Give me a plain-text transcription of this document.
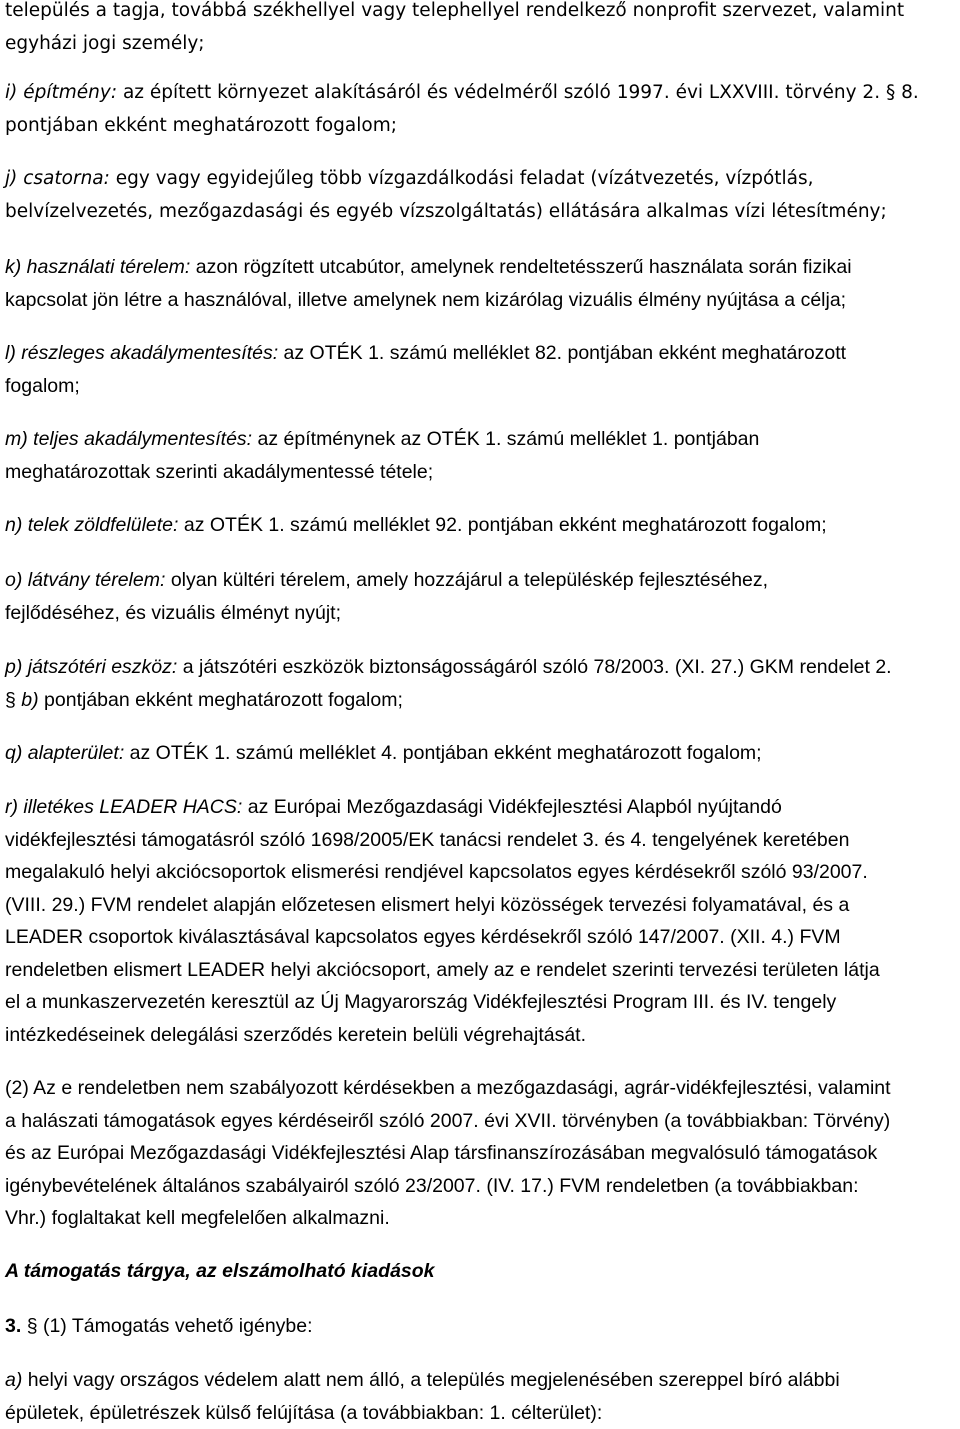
település a tagja, továbbá székhellyel vagy telephellyel rendelkező nonprofit szervezet, valamint
egyházi jogi személy;
i) építmény: az épített környezet alakításáról és védelméről szóló 1997. évi LXXVIII. törvény 2. § 8.
pontjában ekként meghatározott fogalom;
j) csatorna: egy vagy egyidejűleg több vízgazdálkodási feladat (vízátvezetés, vízpótlás,
belvízelvezetés, mezőgazdasági és egyéb vízszolgáltatás) ellátására alkalmas vízi létesítmény;
k) használati térelem: azon rögzített utcabútor, amelynek rendeltetésszerű használata során fizikai
kapcsolat jön létre a használóval, illetve amelynek nem kizárólag vizuális élmény nyújtása a célja;
l) részleges akadálymentesítés: az OTÉK 1. számú melléklet 82. pontjában ekként meghatározott
fogalom;
m) teljes akadálymentesítés: az építménynek az OTÉK 1. számú melléklet 1. pontjában
meghatározottak szerinti akadálymentessé tétele;
n) telek zöldfelülete: az OTÉK 1. számú melléklet 92. pontjában ekként meghatározott fogalom;
o) látvány térelem: olyan kültéri térelem, amely hozzájárul a településkép fejlesztéséhez,
fejlődéséhez, és vizuális élményt nyújt;
p) játszótéri eszköz: a játszótéri eszközök biztonságosságáról szóló 78/2003. (XI. 27.) GKM rendelet 2.
§ b) pontjában ekként meghatározott fogalom;
q) alapterület: az OTÉK 1. számú melléklet 4. pontjában ekként meghatározott fogalom;
r) illetékes LEADER HACS: az Európai Mezőgazdasági Vidékfejlesztési Alapból nyújtandó
vidékfejlesztési támogatásról szóló 1698/2005/EK tanácsi rendelet 3. és 4. tengelyének keretében
megalakuló helyi akciócsoportok elismerési rendjével kapcsolatos egyes kérdésekről szóló 93/2007.
(VIII. 29.) FVM rendelet alapján előzetesen elismert helyi közösségek tervezési folyamatával, és a
LEADER csoportok kiválasztásával kapcsolatos egyes kérdésekről szóló 147/2007. (XII. 4.) FVM
rendeletben elismert LEADER helyi akciócsoport, amely az e rendelet szerinti tervezési területen látja
el a munkaszervezetén keresztül az Új Magyarország Vidékfejlesztési Program III. és IV. tengely
intézkedéseinek delegálási szerződés keretein belüli végrehajtását.
(2) Az e rendeletben nem szabályozott kérdésekben a mezőgazdasági, agrár-vidékfejlesztési, valamint
a halászati támogatások egyes kérdéseiről szóló 2007. évi XVII. törvényben (a továbbiakban: Törvény)
és az Európai Mezőgazdasági Vidékfejlesztési Alap társfinanszírozásában megvalósuló támogatások
igénybevételének általános szabályairól szóló 23/2007. (IV. 17.) FVM rendeletben (a továbbiakban:
Vhr.) foglaltakat kell megfelelően alkalmazni.
A támogatás tárgya, az elszámolható kiadások
3. § (1) Támogatás vehető igénybe:
a) helyi vagy országos védelem alatt nem álló, a település megjelenésében szereppel bíró alábbi
épületek, épületrészek külső felújítása (a továbbiakban: 1. célterület):
